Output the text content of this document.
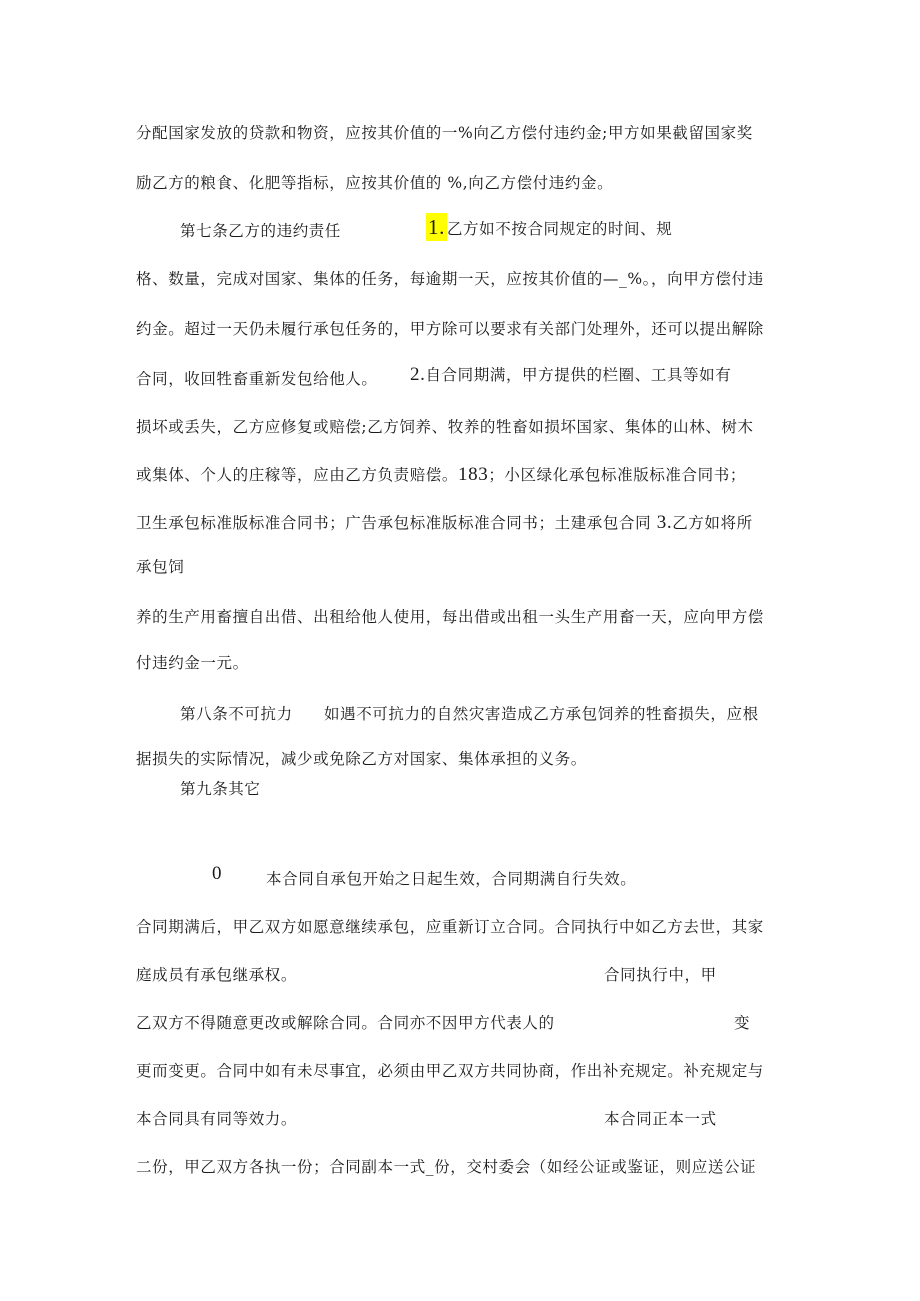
分配国家发放的贷款和物资，应按其价值的一%向乙方偿付违约金;甲方如果截留国家奖
励乙方的粮食、化肥等指标，应按其价值的 %,向乙方偿付违约金。
第七条乙方的违约责任	1. 乙方如不按合同规定的时间、规
格、数量，完成对国家、集体的任务，每逾期一天，应按其价值的—_%。，向甲方偿付违
约金。超过一天仍未履行承包任务的，甲方除可以要求有关部门处理外，还可以提出解除
合同，收回牲畜重新发包给他人。 2.自合同期满，甲方提供的栏圈、工具等如有
损坏或丢失，乙方应修复或赔偿;乙方饲养、牧养的牲畜如损坏国家、集体的山林、树木
或集体、个人的庄稼等，应由乙方负责赔偿。183；小区绿化承包标准版标准合同书；
卫生承包标准版标准合同书；广告承包标准版标准合同书；土建承包合同 3.乙方如将所
承包饲
养的生产用畜擅自出借、出租给他人使用，每出借或出租一头生产用畜一天，应向甲方偿
付违约金一元。
第八条不可抗力 如遇不可抗力的自然灾害造成乙方承包饲养的牲畜损失，应根
据损失的实际情况，减少或免除乙方对国家、集体承担的义务。
第九条其它
0	本合同自承包开始之日起生效，合同期满自行失效。
合同期满后，甲乙双方如愿意继续承包，应重新订立合同。合同执行中如乙方去世，其家
庭成员有承包继承权。	合同执行中，甲
乙双方不得随意更改或解除合同。合同亦不因甲方代表人的	变
更而变更。合同中如有未尽事宜，必须由甲乙双方共同协商，作出补充规定。补充规定与
本合同具有同等效力。	本合同正本一式
二份，甲乙双方各执一份；合同副本一式_份，交村委会（如经公证或鉴证，则应送公证
